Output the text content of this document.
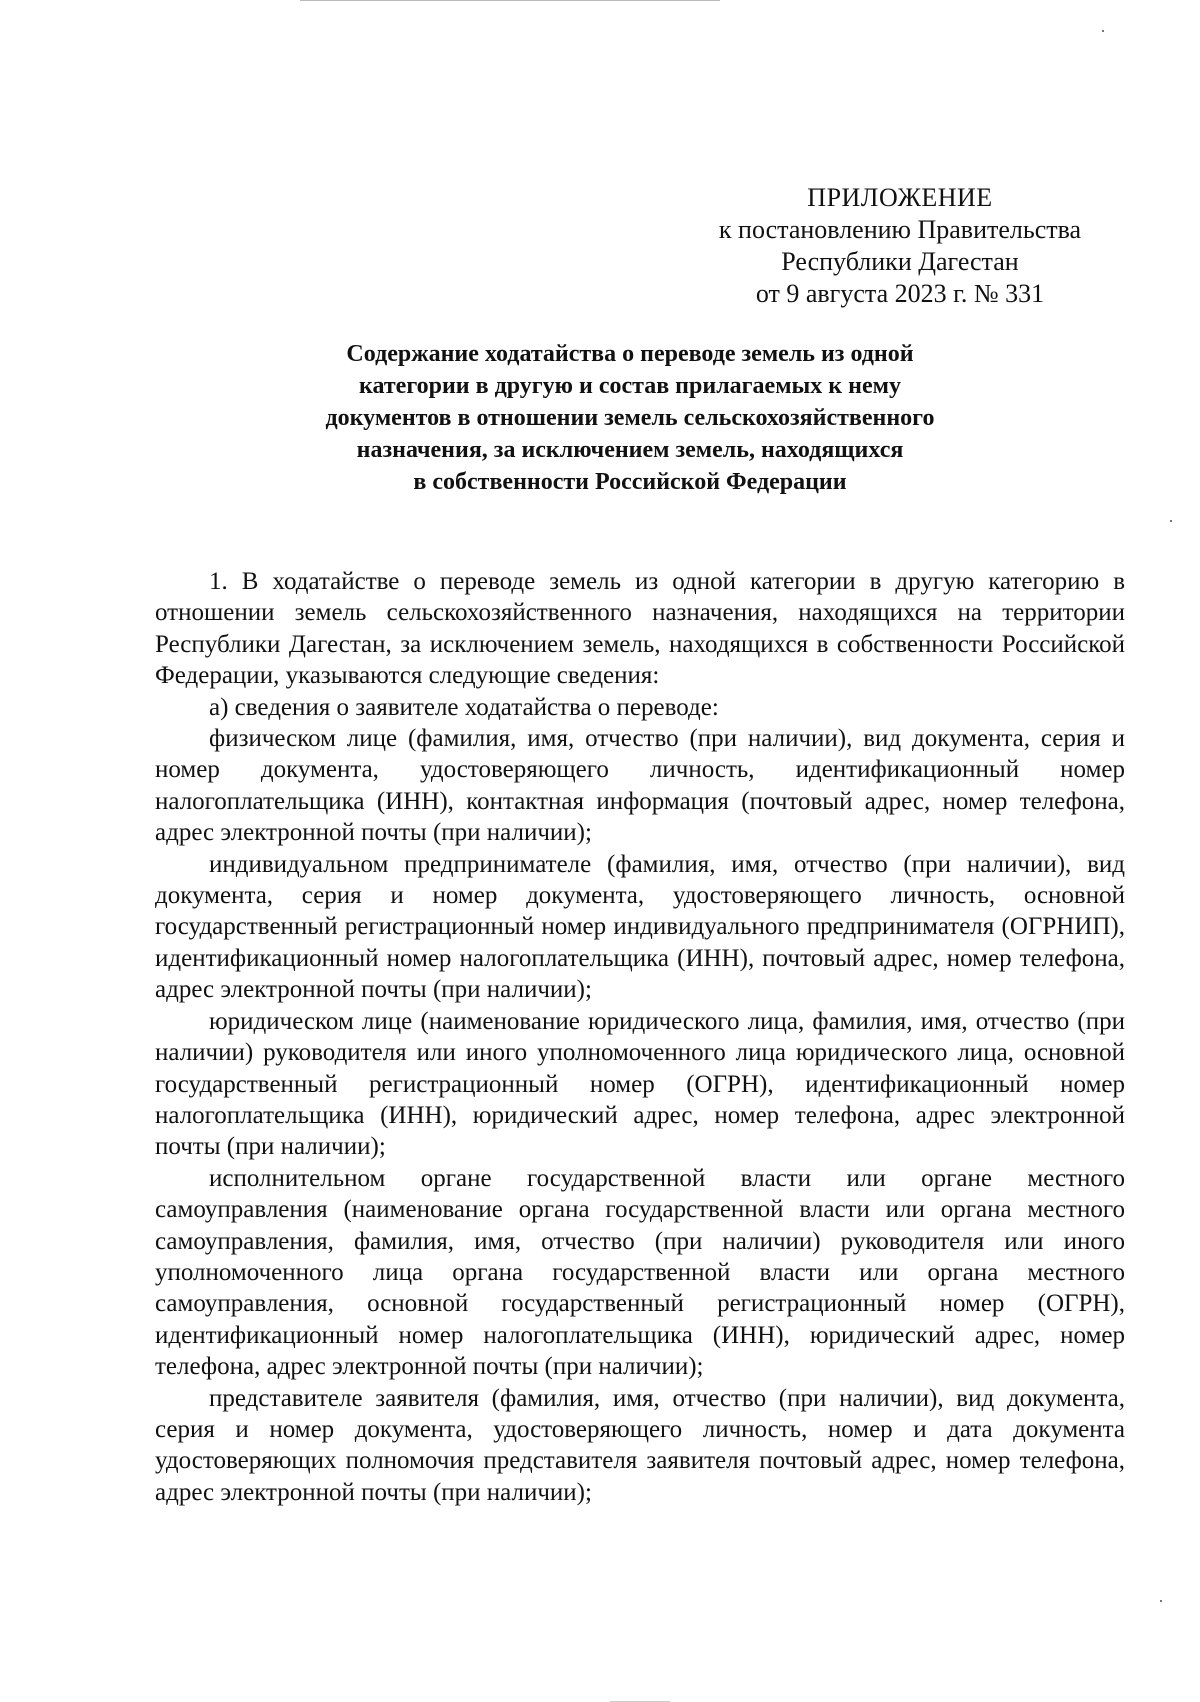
ПРИЛОЖЕНИЕ
к постановлению Правительства
Республики Дагестан
от 9 августа 2023 г. № 331
Содержание ходатайства о переводе земель из одной
категории в другую и состав прилагаемых к нему
документов в отношении земель сельскохозяйственного
назначения, за исключением земель, находящихся
в собственности Российской Федерации

1. В ходатайстве о переводе земель из одной категории в другую категорию в отношении земель сельскохозяйственного назначения, находящихся на территории Республики Дагестан, за исключением земель, находящихся в собственности Российской Федерации, указываются следующие сведения:

а) сведения о заявителе ходатайства о переводе:

физическом лице (фамилия, имя, отчество (при наличии), вид документа, серия и номер документа, удостоверяющего личность, идентификационный номер налогоплательщика (ИНН), контактная информация (почтовый адрес, номер телефона, адрес электронной почты (при наличии);

индивидуальном предпринимателе (фамилия, имя, отчество (при наличии), вид документа, серия и номер документа, удостоверяющего личность, основной государственный регистрационный номер индивидуального предпринимателя (ОГРНИП), идентификационный номер налогоплательщика (ИНН), почтовый адрес, номер телефона, адрес электронной почты (при наличии);

юридическом лице (наименование юридического лица, фамилия, имя, отчество (при наличии) руководителя или иного уполномоченного лица юридического лица, основной государственный регистрационный номер (ОГРН), идентификационный номер налогоплательщика (ИНН), юридический адрес, номер телефона, адрес электронной почты (при наличии);

исполнительном органе государственной власти или органе местного самоуправления (наименование органа государственной власти или органа местного самоуправления, фамилия, имя, отчество (при наличии) руководителя или иного уполномоченного лица органа государственной власти или органа местного самоуправления, основной государственный регистрационный номер (ОГРН), идентификационный номер налогоплательщика (ИНН), юридический адрес, номер телефона, адрес электронной почты (при наличии);

представителе заявителя (фамилия, имя, отчество (при наличии), вид документа, серия и номер документа, удостоверяющего личность, номер и дата документа удостоверяющих полномочия представителя заявителя почтовый адрес, номер телефона, адрес электронной почты (при наличии);
